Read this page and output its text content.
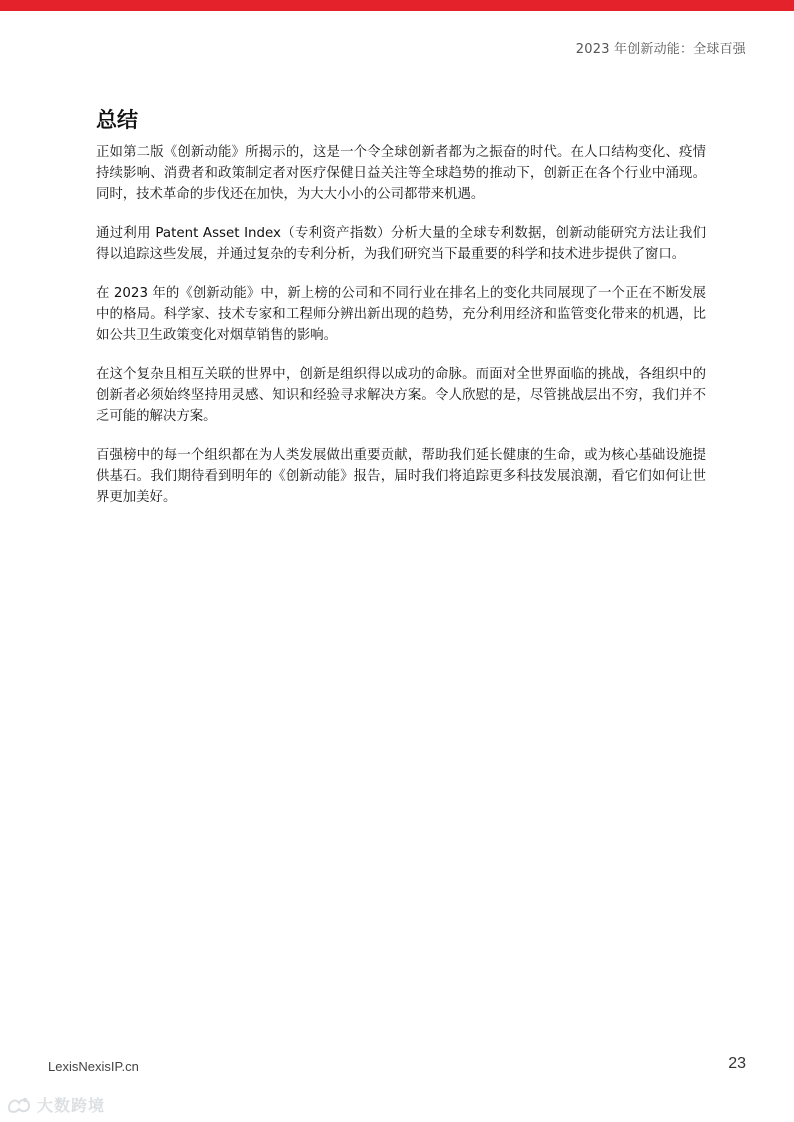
2023 年创新动能：全球百强
总结

正如第二版《创新动能》所揭示的，这是一个令全球创新者都为之振奋的时代。在人口结构变化、疫情持续影响、消费者和政策制定者对医疗保健日益关注等全球趋势的推动下，创新正在各个行业中涌现。同时，技术革命的步伐还在加快，为大大小小的公司都带来机遇。

通过利用 Patent Asset Index（专利资产指数）分析大量的全球专利数据，创新动能研究方法让我们得以追踪这些发展，并通过复杂的专利分析，为我们研究当下最重要的科学和技术进步提供了窗口。

在 2023 年的《创新动能》中，新上榜的公司和不同行业在排名上的变化共同展现了一个正在不断发展中的格局。科学家、技术专家和工程师分辨出新出现的趋势，充分利用经济和监管变化带来的机遇，比如公共卫生政策变化对烟草销售的影响。

在这个复杂且相互关联的世界中，创新是组织得以成功的命脉。而面对全世界面临的挑战，各组织中的创新者必须始终坚持用灵感、知识和经验寻求解决方案。令人欣慰的是，尽管挑战层出不穷，我们并不乏可能的解决方案。

百强榜中的每一个组织都在为人类发展做出重要贡献，帮助我们延长健康的生命，或为核心基础设施提供基石。我们期待看到明年的《创新动能》报告，届时我们将追踪更多科技发展浪潮，看它们如何让世界更加美好。

LexisNexisIP.cn	23
大数跨境
